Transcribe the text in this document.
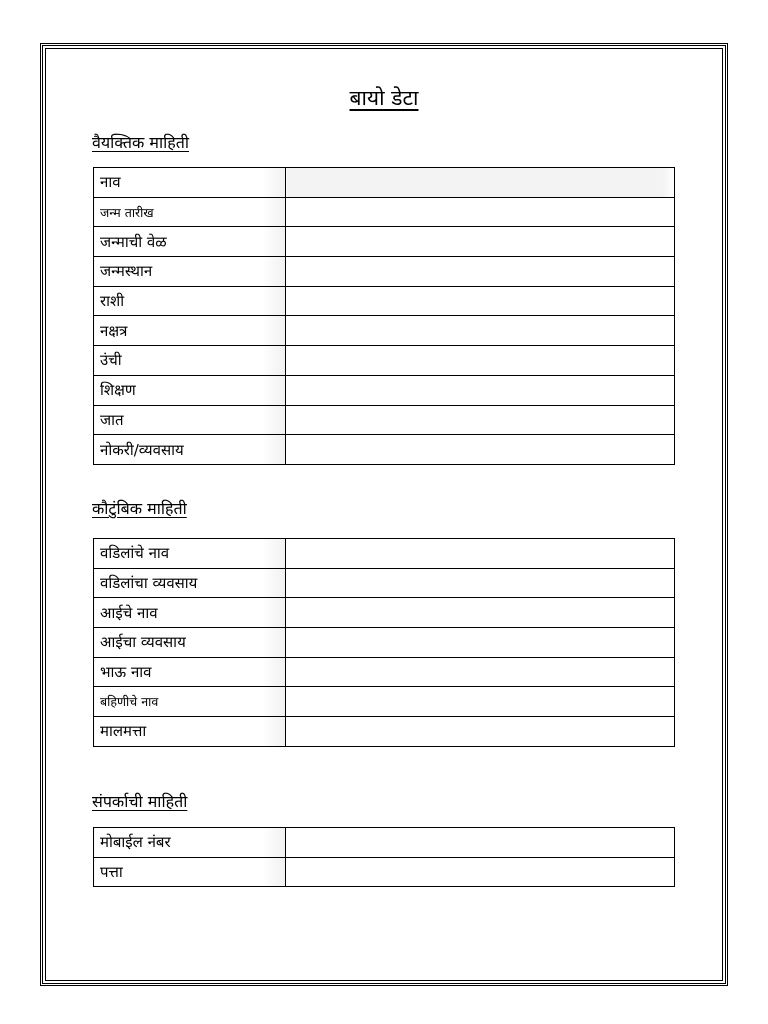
बायो डेटा
वैयक्तिक माहिती
नाव	
जन्म तारीख	
जन्माची वेळ	
जन्मस्थान	
राशी	
नक्षत्र	
उंची	
शिक्षण	
जात	
नोकरी/व्यवसाय	
कौटुंबिक माहिती
वडिलांचे नाव	
वडिलांचा व्यवसाय	
आईचे नाव	
आईचा व्यवसाय	
भाऊ नाव	
बहिणीचे नाव	
मालमत्ता	
संपर्काची माहिती
मोबाईल नंबर	
पत्ता	
